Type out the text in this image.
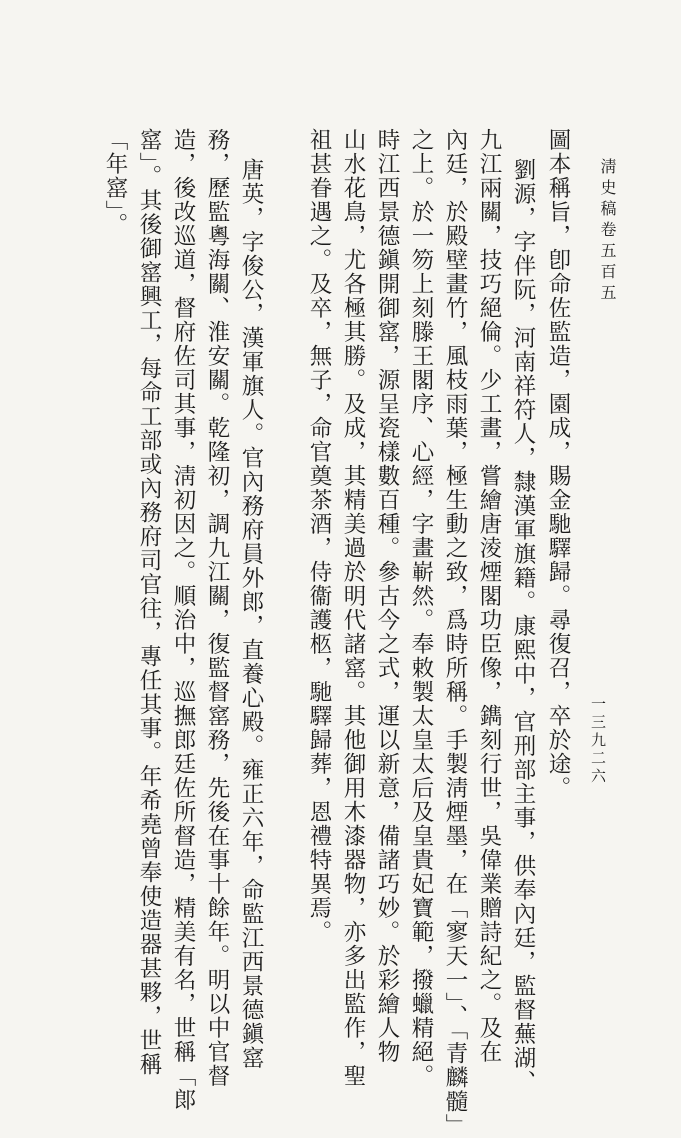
淸史稿卷五百五
一三九二六
圖本稱旨，卽命佐監造，園成，賜金馳驛歸。尋復召，卒於途。
劉源，字伴阮，河南祥符人，隸漢軍旗籍。康熙中，官刑部主事，供奉內廷，監督蕪湖、
九江兩關，技巧絕倫。少工畫，嘗繪唐淩煙閣功臣像，鐫刻行世，吳偉業贈詩紀之。及在
內廷，於殿壁畫竹，風枝雨葉，極生動之致，爲時所稱。手製淸煙墨，在「寥天一」、「青麟髓」
之上。於一笏上刻滕王閣序、心經，字畫嶄然。奉敕製太皇太后及皇貴妃寶範，撥蠟精絕。
時江西景德鎭開御窰，源呈瓷樣數百種。參古今之式，運以新意，備諸巧妙。於彩繪人物
山水花鳥，尤各極其勝。及成，其精美過於明代諸窰。其他御用木漆器物，亦多出監作，聖
祖甚眷遇之。及卒，無子，命官奠茶酒，侍衞護柩，馳驛歸葬，恩禮特異焉。
唐英，字俊公，漢軍旗人。官內務府員外郎，直養心殿。雍正六年，命監江西景德鎭窰
務，歷監粵海關、淮安關。乾隆初，調九江關，復監督窰務，先後在事十餘年。明以中官督
造，後改巡道，督府佐司其事，淸初因之。順治中，巡撫郎廷佐所督造，精美有名，世稱「郞
窰」。其後御窰興工，每命工部或內務府司官往，專任其事。年希堯曾奉使造器甚夥，世稱
「年窰」。
